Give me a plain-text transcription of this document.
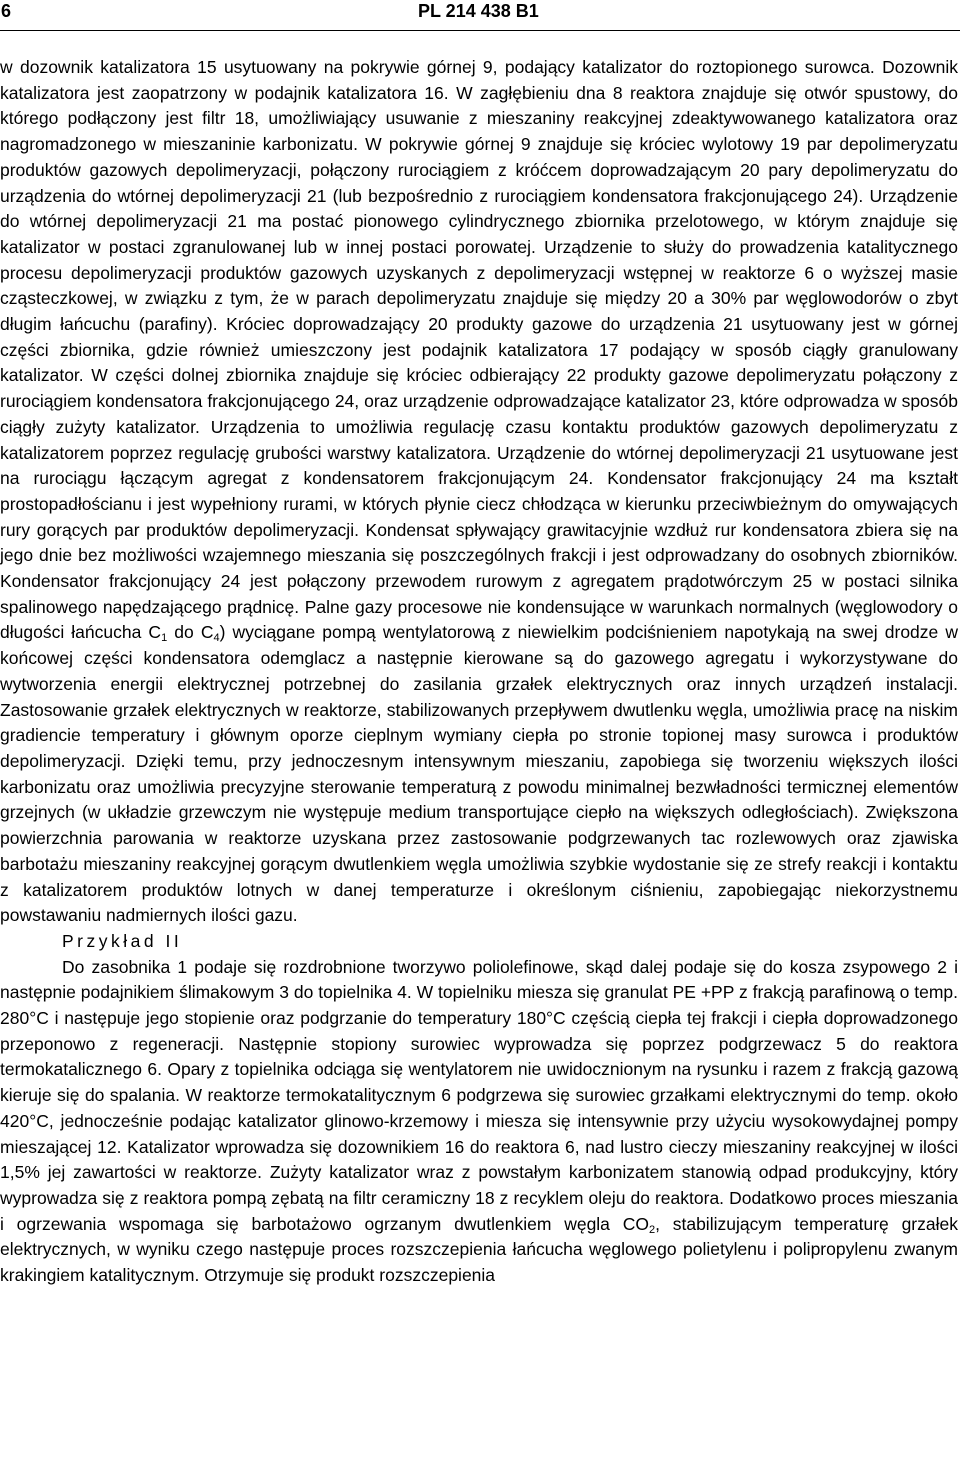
6	PL 214 438 B1

w dozownik katalizatora 15 usytuowany na pokrywie górnej 9, podający katalizator do roztopionego surowca. Dozownik katalizatora jest zaopatrzony w podajnik katalizatora 16. W zagłębieniu dna 8 reaktora znajduje się otwór spustowy, do którego podłączony jest filtr 18, umożliwiający usuwanie z mieszaniny reakcyjnej zdeaktywowanego katalizatora oraz nagromadzonego w mieszaninie karbonizatu. W pokrywie górnej 9 znajduje się króciec wylotowy 19 par depolimeryzatu produktów gazowych depolimeryzacji, połączony rurociągiem z króćcem doprowadzającym 20 pary depolimeryzatu do urządzenia do wtórnej depolimeryzacji 21 (lub bezpośrednio z rurociągiem kondensatora frakcjonującego 24). Urządzenie do wtórnej depolimeryzacji 21 ma postać pionowego cylindrycznego zbiornika przelotowego, w którym znajduje się katalizator w postaci zgranulowanej lub w innej postaci porowatej. Urządzenie to służy do prowadzenia katalitycznego procesu depolimeryzacji produktów gazowych uzyskanych z depolimeryzacji wstępnej w reaktorze 6 o wyższej masie cząsteczkowej, w związku z tym, że w parach depolimeryzatu znajduje się między 20 a 30% par węglowodorów o zbyt długim łańcuchu (parafiny). Króciec doprowadzający 20 produkty gazowe do urządzenia 21 usytuowany jest w górnej części zbiornika, gdzie również umieszczony jest podajnik katalizatora 17 podający w sposób ciągły granulowany katalizator. W części dolnej zbiornika znajduje się króciec odbierający 22 produkty gazowe depolimeryzatu połączony z rurociągiem kondensatora frakcjonującego 24, oraz urządzenie odprowadzające katalizator 23, które odprowadza w sposób ciągły zużyty katalizator. Urządzenia to umożliwia regulację czasu kontaktu produktów gazowych depolimeryzatu z katalizatorem poprzez regulację grubości warstwy katalizatora. Urządzenie do wtórnej depolimeryzacji 21 usytuowane jest na rurociągu łączącym agregat z kondensatorem frakcjonującym 24. Kondensator frakcjonujący 24 ma kształt prostopadłościanu i jest wypełniony rurami, w których płynie ciecz chłodząca w kierunku przeciwbieżnym do omywających rury gorących par produktów depolimeryzacji. Kondensat spływający grawitacyjnie wzdłuż rur kondensatora zbiera się na jego dnie bez możliwości wzajemnego mieszania się poszczególnych frakcji i jest odprowadzany do osobnych zbiorników. Kondensator frakcjonujący 24 jest połączony przewodem rurowym z agregatem prądotwórczym 25 w postaci silnika spalinowego napędzającego prądnicę. Palne gazy procesowe nie kondensujące w warunkach normalnych (węglowodory o długości łańcucha $C_1$ do $C_4$) wyciągane pompą wentylatorową z niewielkim podciśnieniem napotykają na swej drodze w końcowej części kondensatora odemglacz a następnie kierowane są do gazowego agregatu i wykorzystywane do wytworzenia energii elektrycznej potrzebnej do zasilania grzałek elektrycznych oraz innych urządzeń instalacji. Zastosowanie grzałek elektrycznych w reaktorze, stabilizowanych przepływem dwutlenku węgla, umożliwia pracę na niskim gradiencie temperatury i głównym oporze cieplnym wymiany ciepła po stronie topionej masy surowca i produktów depolimeryzacji. Dzięki temu, przy jednoczesnym intensywnym mieszaniu, zapobiega się tworzeniu większych ilości karbonizatu oraz umożliwia precyzyjne sterowanie temperaturą z powodu minimalnej bezwładności termicznej elementów grzejnych (w układzie grzewczym nie występuje medium transportujące ciepło na większych odległościach). Zwiększona powierzchnia parowania w reaktorze uzyskana przez zastosowanie podgrzewanych tac rozlewowych oraz zjawiska barbotażu mieszaniny reakcyjnej gorącym dwutlenkiem węgla umożliwia szybkie wydostanie się ze strefy reakcji i kontaktu z katalizatorem produktów lotnych w danej temperaturze i określonym ciśnieniu, zapobiegając niekorzystnemu powstawaniu nadmiernych ilości gazu.

Przykład II

Do zasobnika 1 podaje się rozdrobnione tworzywo poliolefinowe, skąd dalej podaje się do kosza zsypowego 2 i następnie podajnikiem ślimakowym 3 do topielnika 4. W topielniku miesza się granulat PE +PP z frakcją parafinową o temp. 280°C i następuje jego stopienie oraz podgrzanie do temperatury 180°C częścią ciepła tej frakcji i ciepła doprowadzonego przeponowo z regeneracji. Następnie stopiony surowiec wyprowadza się poprzez podgrzewacz 5 do reaktora termokatalicznego 6. Opary z topielnika odciąga się wentylatorem nie uwidocznionym na rysunku i razem z frakcją gazową kieruje się do spalania. W reaktorze termokatalitycznym 6 podgrzewa się surowiec grzałkami elektrycznymi do temp. około 420°C, jednocześnie podając katalizator glinowo-krzemowy i miesza się intensywnie przy użyciu wysokowydajnej pompy mieszającej 12. Katalizator wprowadza się dozownikiem 16 do reaktora 6, nad lustro cieczy mieszaniny reakcyjnej w ilości 1,5% jej zawartości w reaktorze. Zużyty katalizator wraz z powstałym karbonizatem stanowią odpad produkcyjny, który wyprowadza się z reaktora pompą zębatą na filtr ceramiczny 18 z recyklem oleju do reaktora. Dodatkowo proces mieszania i ogrzewania wspomaga się barbotażowo ogrzanym dwutlenkiem węgla $CO_2$, stabilizującym temperaturę grzałek elektrycznych, w wyniku czego następuje proces rozszczepienia łańcucha węglowego polietylenu i polipropylenu zwanym krakingiem katalitycznym. Otrzymuje się produkt rozszczepienia
